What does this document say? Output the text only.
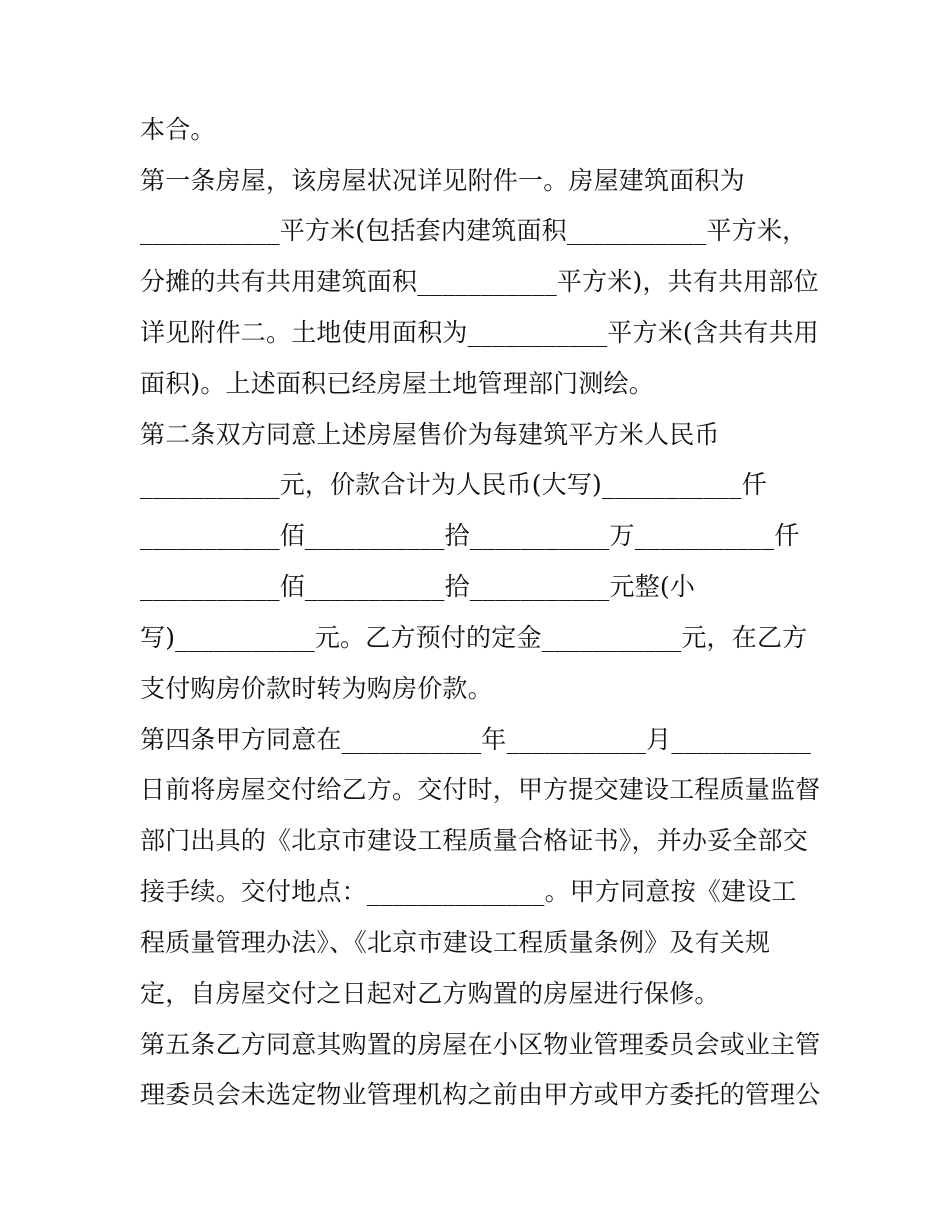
本合。
第一条房屋，该房屋状况详见附件一。房屋建筑面积为
___________平方米(包括套内建筑面积___________平方米，
分摊的共有共用建筑面积___________平方米)，共有共用部位
详见附件二。土地使用面积为___________平方米(含共有共用
面积)。上述面积已经房屋土地管理部门测绘。
第二条双方同意上述房屋售价为每建筑平方米人民币
___________元，价款合计为人民币(大写)___________仟
___________佰___________拾___________万___________仟
___________佰___________拾___________元整(小
写)___________元。乙方预付的定金___________元，在乙方
支付购房价款时转为购房价款。
第四条甲方同意在___________年___________月___________
日前将房屋交付给乙方。交付时，甲方提交建设工程质量监督
部门出具的《北京市建设工程质量合格证书》，并办妥全部交
接手续。交付地点：______________。甲方同意按《建设工
程质量管理办法》、《北京市建设工程质量条例》及有关规
定，自房屋交付之日起对乙方购置的房屋进行保修。
第五条乙方同意其购置的房屋在小区物业管理委员会或业主管
理委员会未选定物业管理机构之前由甲方或甲方委托的管理公
